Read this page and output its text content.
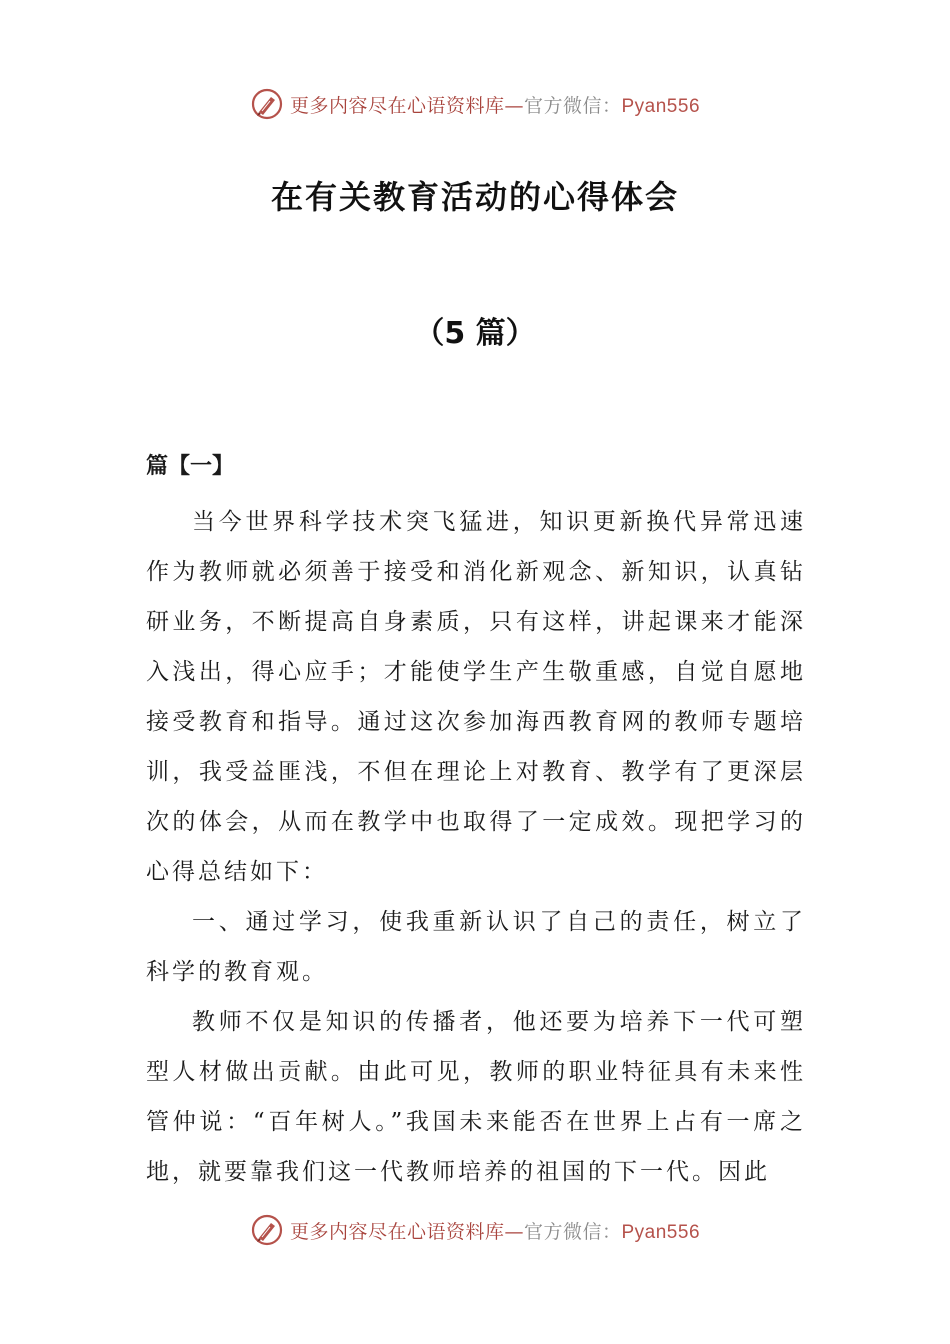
更多内容尽在心语资料库—官方微信：Pyan556
在有关教育活动的心得体会
（5 篇）
篇【一】

当今世界科学技术突飞猛进，知识更新换代异常迅速作为教师就必须善于接受和消化新观念、新知识，认真钻研业务，不断提高自身素质，只有这样，讲起课来才能深入浅出，得心应手；才能使学生产生敬重感，自觉自愿地接受教育和指导。通过这次参加海西教育网的教师专题培训，我受益匪浅，不但在理论上对教育、教学有了更深层次的体会，从而在教学中也取得了一定成效。现把学习的心得总结如下：

一、通过学习，使我重新认识了自己的责任，树立了科学的教育观。

教师不仅是知识的传播者，他还要为培养下一代可塑型人材做出贡献。由此可见，教师的职业特征具有未来性管仲说：“百年树人。”我国未来能否在世界上占有一席之地，就要靠我们这一代教师培养的祖国的下一代。因此

更多内容尽在心语资料库—官方微信：Pyan556
